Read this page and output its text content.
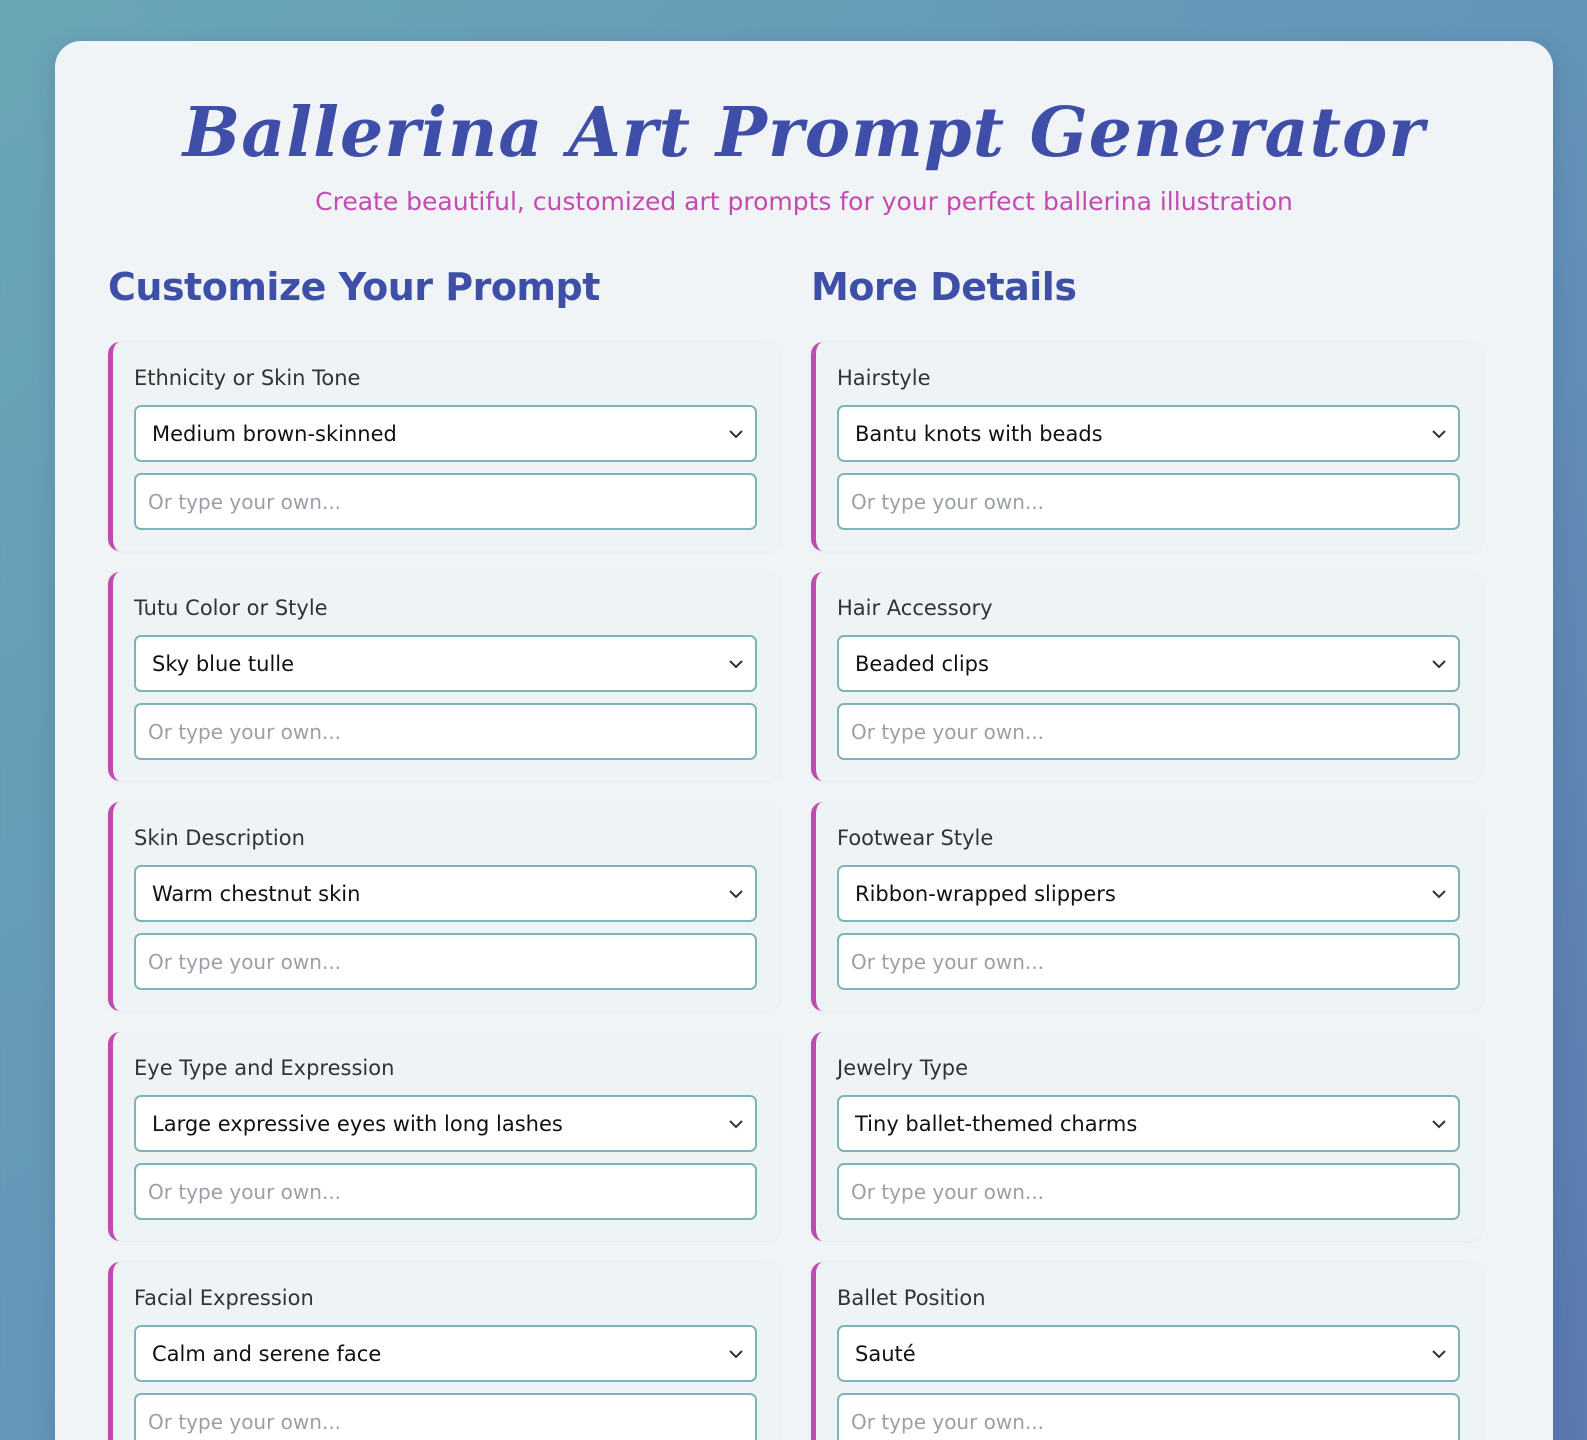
Ballerina Art Prompt Generator

Create beautiful, customized art prompts for your perfect ballerina illustration

Customize Your Prompt	More Details
Ethnicity or Skin Tone
Medium brown-skinned
Or type your own...
Tutu Color or Style
Sky blue tulle
Or type your own...
Skin Description
Warm chestnut skin
Or type your own...
Eye Type and Expression
Large expressive eyes with long lashes
Or type your own...
Facial Expression
Calm and serene face
Or type your own...
Hairstyle
Bantu knots with beads
Or type your own...
Hair Accessory
Beaded clips
Or type your own...
Footwear Style
Ribbon-wrapped slippers
Or type your own...
Jewelry Type
Tiny ballet-themed charms
Or type your own...
Ballet Position
Sauté
Or type your own...
